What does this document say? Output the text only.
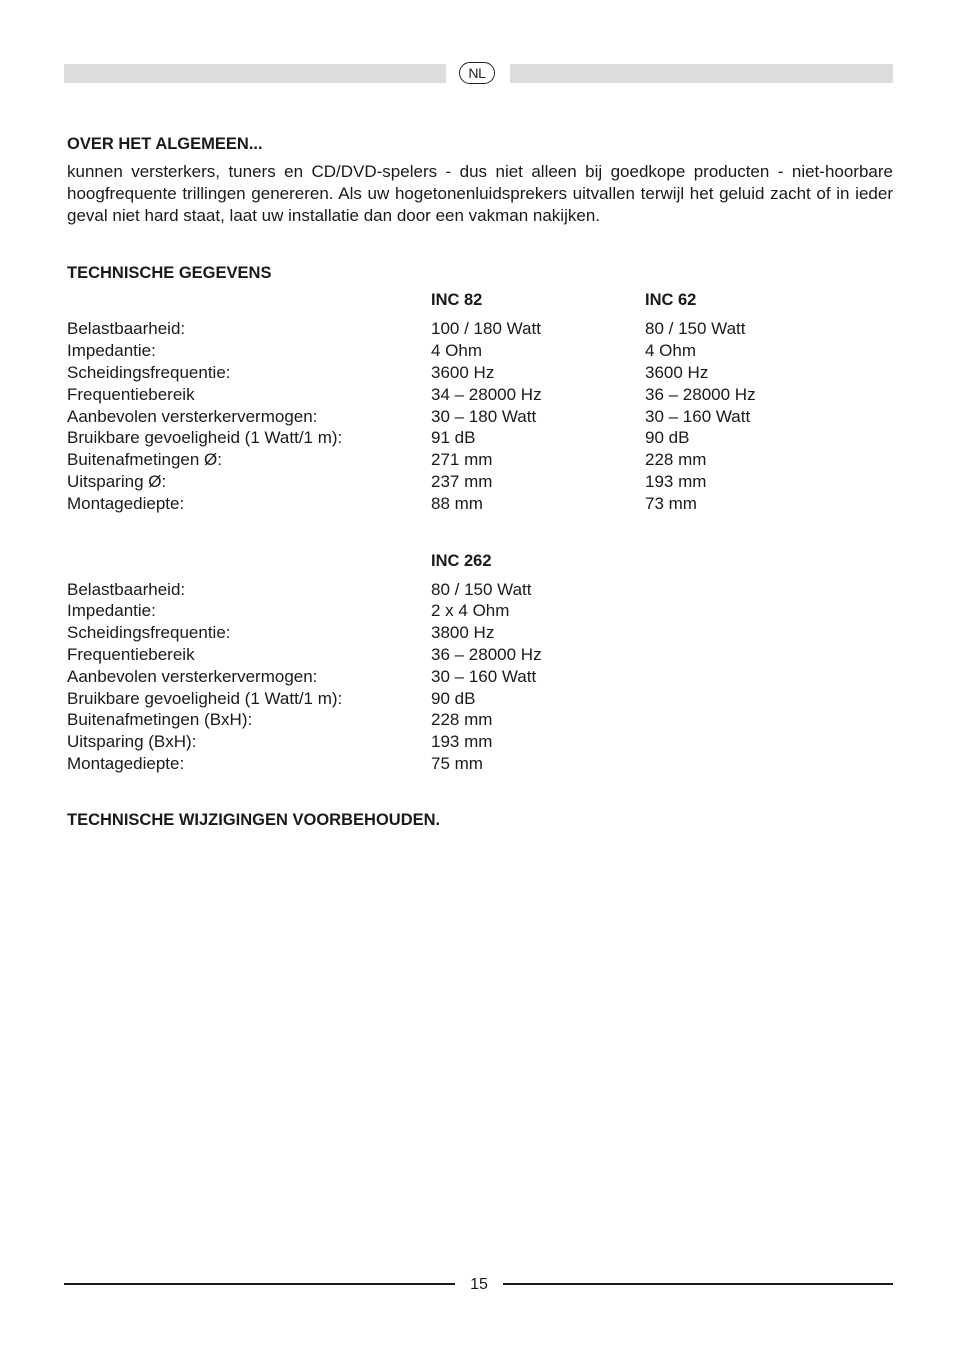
NL
OVER HET ALGEMEEN...

kunnen versterkers, tuners en CD/DVD-spelers - dus niet alleen bij goedkope producten - niet-hoorbare hoogfrequente trillingen genereren. Als uw hogetonenluidsprekers uitvallen terwijl het geluid zacht of in ieder geval niet hard staat, laat uw installatie dan door een vakman nakijken.

TECHNISCHE GEGEVENS
	INC 82	INC 62
Belastbaarheid:	100 / 180 Watt	80 / 150 Watt
Impedantie:	4 Ohm	4 Ohm
Scheidingsfrequentie:	3600 Hz	3600 Hz
Frequentiebereik	34 – 28000 Hz	36 – 28000 Hz
Aanbevolen versterkervermogen:	30 – 180 Watt	30 – 160 Watt
Bruikbare gevoeligheid (1 Watt/1 m):	91 dB	90 dB
Buitenafmetingen Ø:	271 mm	228 mm
Uitsparing Ø:	237 mm	193 mm
Montagediepte:	88 mm	73 mm
	INC 262
Belastbaarheid:	80 / 150 Watt
Impedantie:	2 x 4 Ohm
Scheidingsfrequentie:	3800 Hz
Frequentiebereik	36 – 28000 Hz
Aanbevolen versterkervermogen:	30 – 160 Watt
Bruikbare gevoeligheid (1 Watt/1 m):	90 dB
Buitenafmetingen (BxH):	228 mm
Uitsparing (BxH):	193 mm
Montagediepte:	75 mm
TECHNISCHE WIJZIGINGEN VOORBEHOUDEN.
15
